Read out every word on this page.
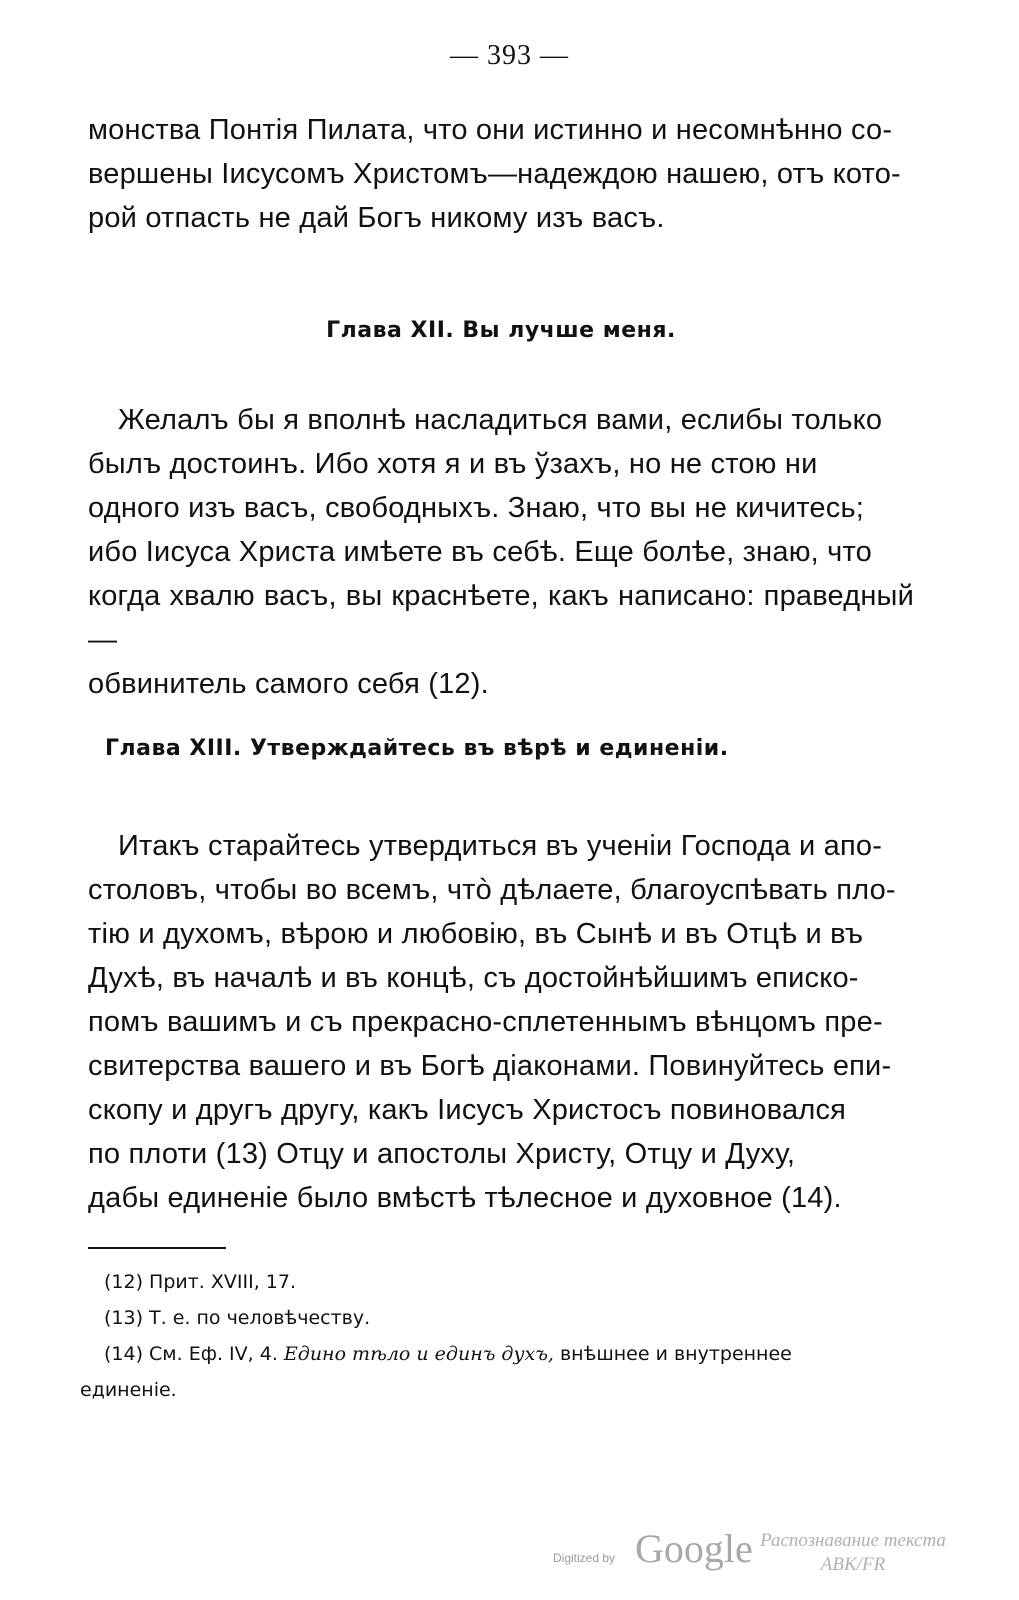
— 393 —

монства Понтія Пилата, что они истинно и несомнѣнно со-

вершены Іисусомъ Христомъ—надеждою нашею, отъ кото-

рой отпасть не дай Богъ никому изъ васъ.

Глава XII. Вы лучше меня.

Желалъ бы я вполнѣ насладиться вами, еслибы только

былъ достоинъ. Ибо хотя я и въ ўзахъ, но не стою ни

одного изъ васъ, свободныхъ. Знаю, что вы не кичитесь;

ибо Іисуса Христа имѣете въ себѣ. Еще болѣе, знаю, что

когда хвалю васъ, вы краснѣете, какъ написано: праведный—

обвинитель самого себя (12).

Глава XIII. Утверждайтесь въ вѣрѣ и единеніи.

Итакъ старайтесь утвердиться въ ученіи Господа и апо-

столовъ, чтобы во всемъ, чтò дѣлаете, благоуспѣвать пло-

тію и духомъ, вѣрою и любовію, въ Сынѣ и въ Отцѣ и въ

Духѣ, въ началѣ и въ концѣ, съ достойнѣйшимъ еписко-

помъ вашимъ и съ прекрасно-сплетеннымъ вѣнцомъ пре-

свитерства вашего и въ Богѣ діаконами. Повинуйтесь епи-

скопу и другъ другу, какъ Іисусъ Христосъ повиновался

по плоти (13) Отцу и апостолы Христу, Отцу и Духу,

дабы единеніе было вмѣстѣ тѣлесное и духовное (14).

(12) Прит. XVIII, 17.

(13) Т. е. по человѣчеству.

(14) См. Еф. IV, 4. Едино тѣло и единъ духъ, внѣшнее и внутреннее

единеніе.

Digitized by Google Распознавание текста
ABK/FR
